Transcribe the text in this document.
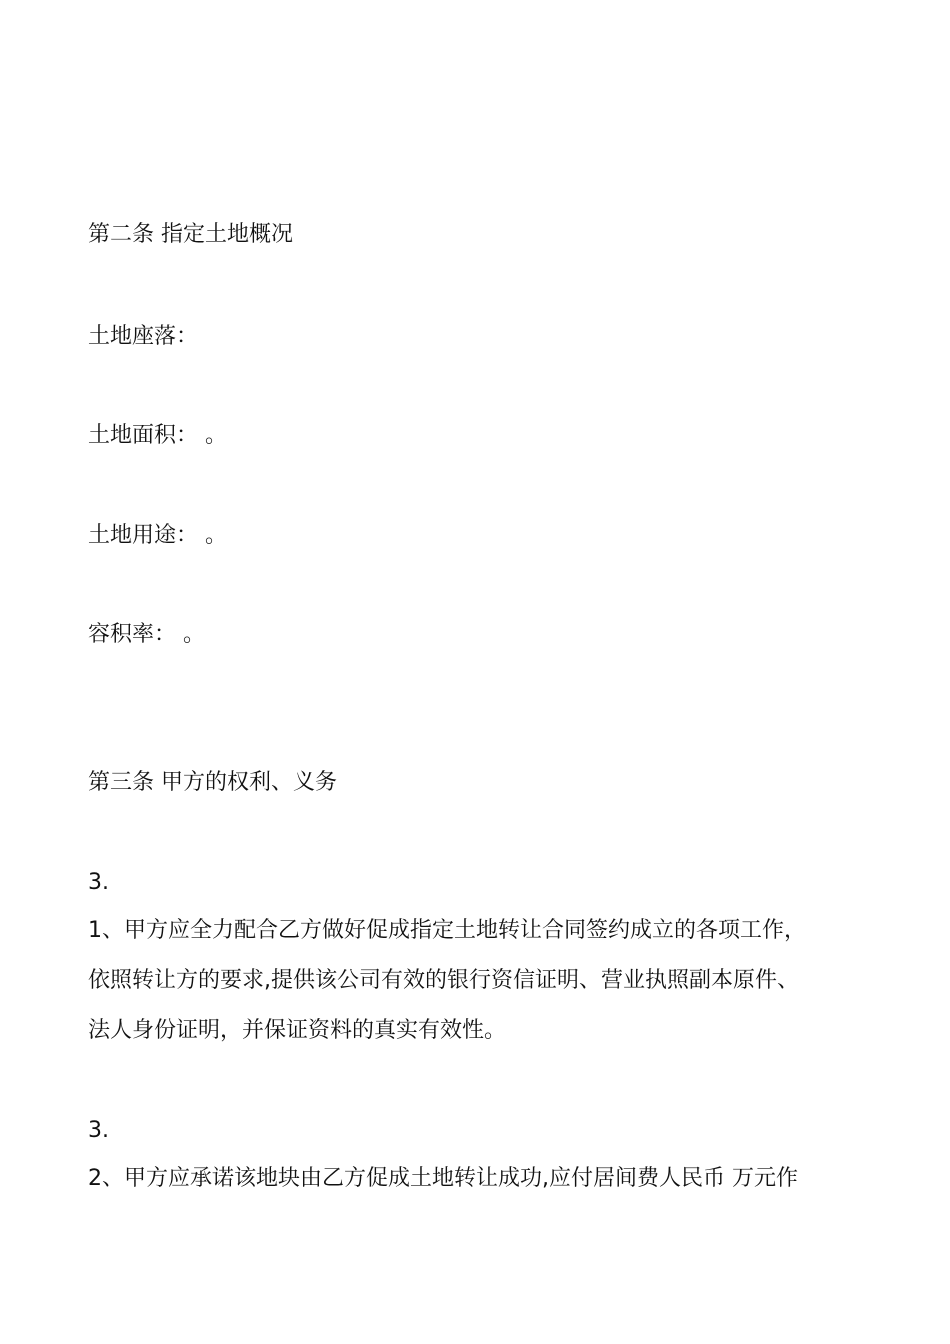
第二条 指定土地概况
土地座落：
土地面积： 。
土地用途： 。
容积率： 。
第三条 甲方的权利、义务
3.
1、甲方应全力配合乙方做好促成指定土地转让合同签约成立的各项工作，
依照转让方的要求,提供该公司有效的银行资信证明、营业执照副本原件、
法人身份证明，并保证资料的真实有效性。
3.
2、甲方应承诺该地块由乙方促成土地转让成功,应付居间费人民币 万元作
